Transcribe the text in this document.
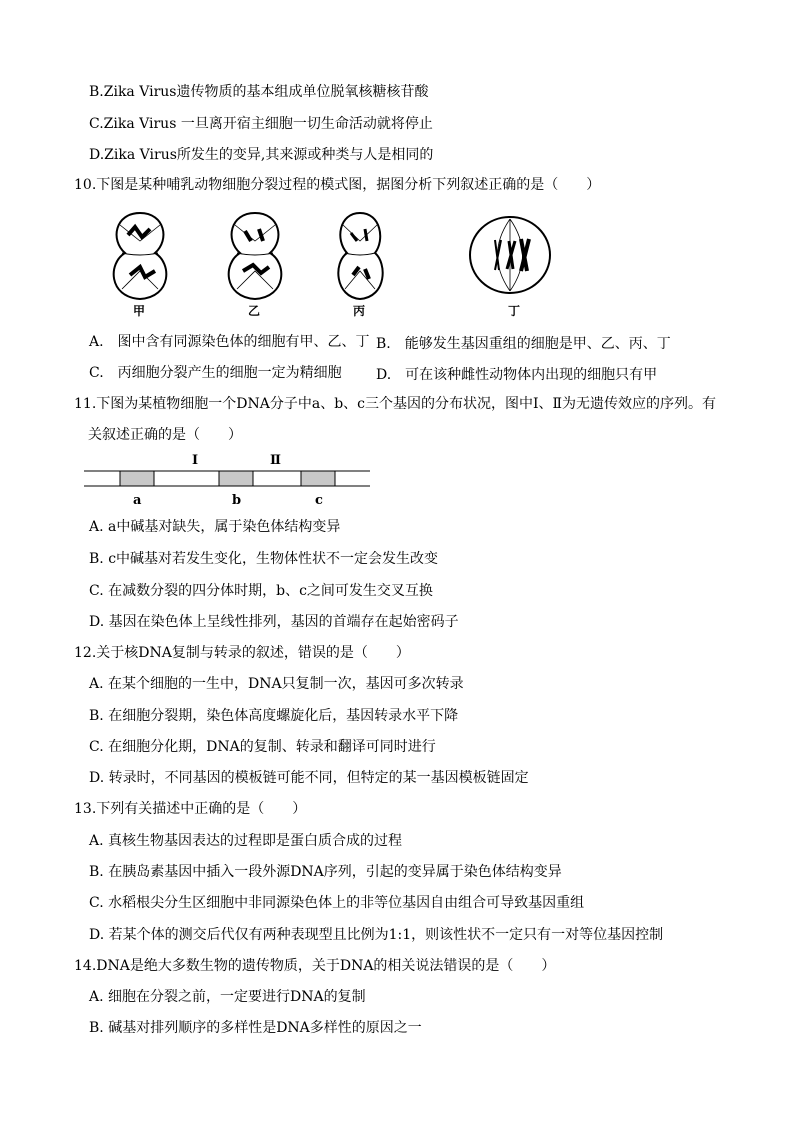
B.Zika Virus遗传物质的基本组成单位脱氧核糖核苷酸
C.Zika Virus 一旦离开宿主细胞一切生命活动就将停止
D.Zika Virus所发生的变异,其来源或种类与人是相同的
10.下图是某种哺乳动物细胞分裂过程的模式图，据图分析下列叙述正确的是（　　）
甲	乙	丙	丁
A.　图中含有同源染色体的细胞有甲、乙、丁 B.　能够发生基因重组的细胞是甲、乙、丙、丁
C.　丙细胞分裂产生的细胞一定为精细胞 D.　可在该种雌性动物体内出现的细胞只有甲
11.下图为某植物细胞一个DNA分子中a、b、c三个基因的分布状况，图中Ⅰ、Ⅱ为无遗传效应的序列。有
关叙述正确的是（　　）
Ⅰ	Ⅱ
a	b	c
A. a中碱基对缺失，属于染色体结构变异
B. c中碱基对若发生变化，生物体性状不一定会发生改变
C. 在减数分裂的四分体时期，b、c之间可发生交叉互换
D. 基因在染色体上呈线性排列，基因的首端存在起始密码子
12.关于核DNA复制与转录的叙述，错误的是（　　）
A. 在某个细胞的一生中，DNA只复制一次，基因可多次转录
B. 在细胞分裂期，染色体高度螺旋化后，基因转录水平下降
C. 在细胞分化期，DNA的复制、转录和翻译可同时进行
D. 转录时，不同基因的模板链可能不同，但特定的某一基因模板链固定
13.下列有关描述中正确的是（　　）
A. 真核生物基因表达的过程即是蛋白质合成的过程
B. 在胰岛素基因中插入一段外源DNA序列，引起的变异属于染色体结构变异
C. 水稻根尖分生区细胞中非同源染色体上的非等位基因自由组合可导致基因重组
D. 若某个体的测交后代仅有两种表现型且比例为1:1，则该性状不一定只有一对等位基因控制
14.DNA是绝大多数生物的遗传物质，关于DNA的相关说法错误的是（　　）
A. 细胞在分裂之前，一定要进行DNA的复制
B. 碱基对排列顺序的多样性是DNA多样性的原因之一
